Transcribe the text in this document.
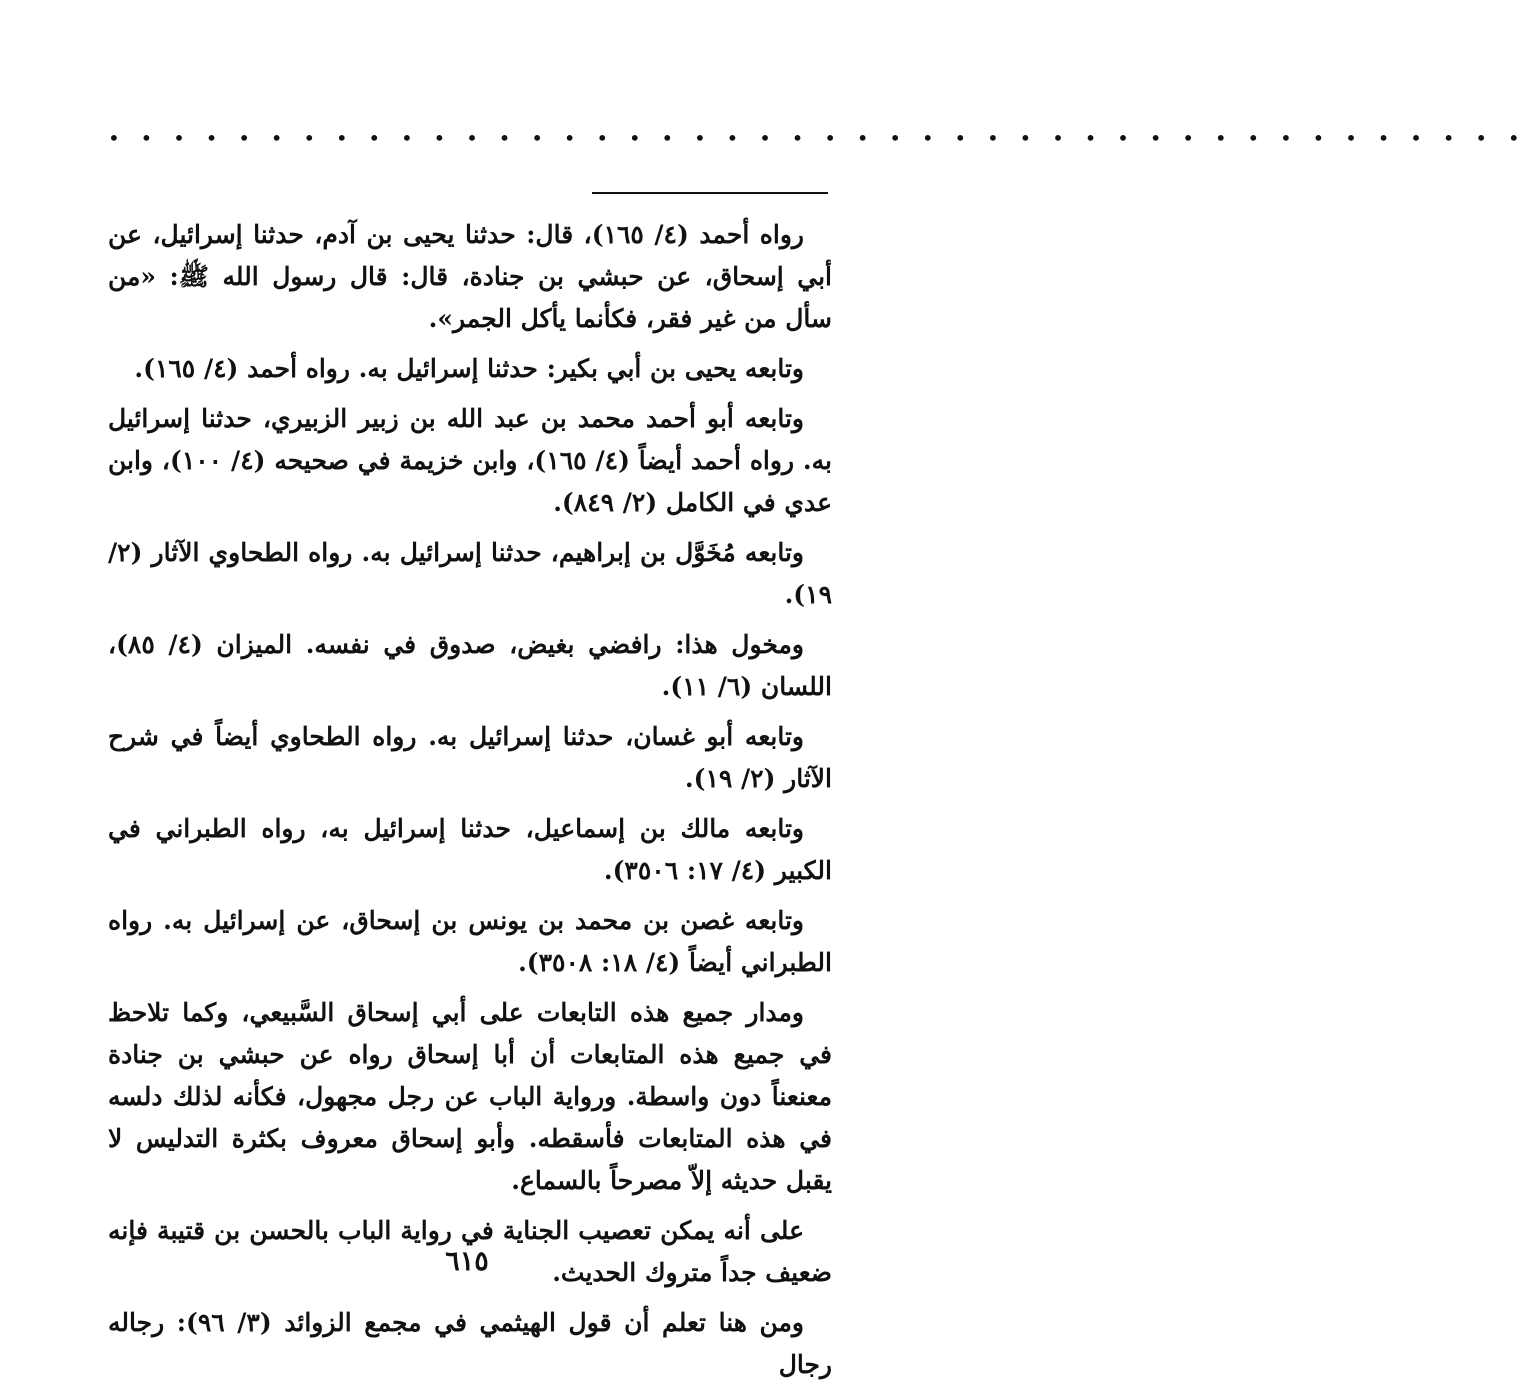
• • • • • • • • • • • • • • • • • • • • • • • • • • • • • • • • • • • • • • • • • • • •

رواه أحمد (٤/ ١٦٥)، قال: حدثنا يحيى بن آدم، حدثنا إسرائيل، عن أبي إسحاق، عن حبشي بن جنادة، قال: قال رسول الله ﷺ: «من سأل من غير فقر، فكأنما يأكل الجمر».

وتابعه يحيى بن أبي بكير: حدثنا إسرائيل به. رواه أحمد (٤/ ١٦٥).

وتابعه أبو أحمد محمد بن عبد الله بن زبير الزبيري، حدثنا إسرائيل به. رواه أحمد أيضاً (٤/ ١٦٥)، وابن خزيمة في صحيحه (٤/ ١٠٠)، وابن عدي في الكامل (٢/ ٨٤٩).

وتابعه مُخَوَّل بن إبراهيم، حدثنا إسرائيل به. رواه الطحاوي الآثار (٢/ ١٩).

ومخول هذا: رافضي بغيض، صدوق في نفسه. الميزان (٤/ ٨٥)، اللسان (٦/ ١١).

وتابعه أبو غسان، حدثنا إسرائيل به. رواه الطحاوي أيضاً في شرح الآثار (٢/ ١٩).

وتابعه مالك بن إسماعيل، حدثنا إسرائيل به، رواه الطبراني في الكبير (٤/ ١٧: ٣٥٠٦).

وتابعه غصن بن محمد بن يونس بن إسحاق، عن إسرائيل به. رواه الطبراني أيضاً (٤/ ١٨: ٣٥٠٨).

ومدار جميع هذه التابعات على أبي إسحاق السَّبيعي، وكما تلاحظ في جميع هذه المتابعات أن أبا إسحاق رواه عن حبشي بن جنادة معنعناً دون واسطة. ورواية الباب عن رجل مجهول، فكأنه لذلك دلسه في هذه المتابعات فأسقطه. وأبو إسحاق معروف بكثرة التدليس لا يقبل حديثه إلاّ مصرحاً بالسماع.

على أنه يمكن تعصيب الجناية في رواية الباب بالحسن بن قتيبة فإنه ضعيف جداً متروك الحديث.

ومن هنا تعلم أن قول الهيثمي في مجمع الزوائد (٣/ ٩٦): رجاله رجال

٦١٥
